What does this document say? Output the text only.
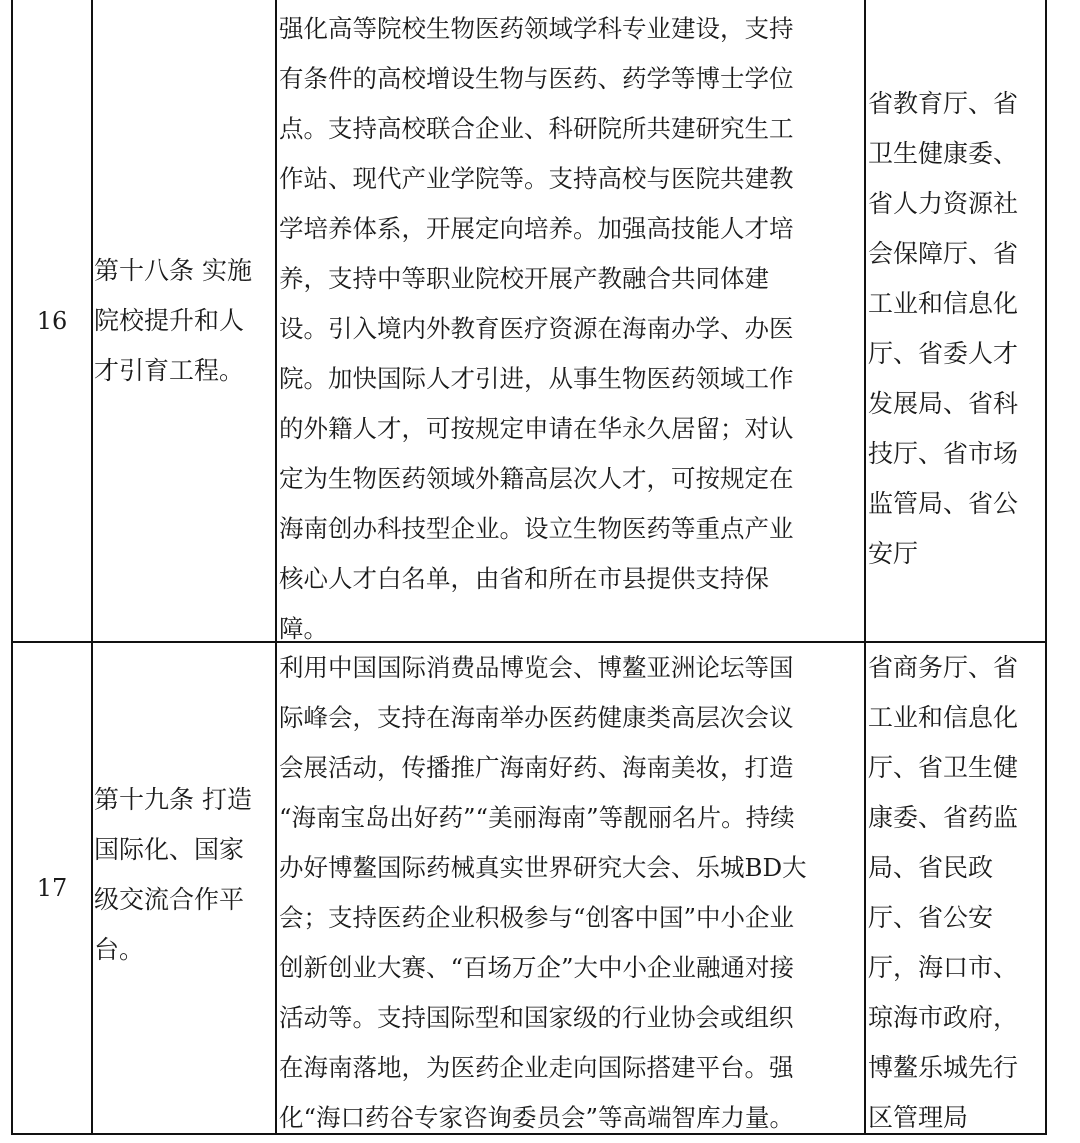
16
第十八条 实施
院校提升和人
才引育工程。
强化高等院校生物医药领域学科专业建设，支持
有条件的高校增设生物与医药、药学等博士学位
点。支持高校联合企业、科研院所共建研究生工
作站、现代产业学院等。支持高校与医院共建教
学培养体系，开展定向培养。加强高技能人才培
养，支持中等职业院校开展产教融合共同体建
设。引入境内外教育医疗资源在海南办学、办医
院。加快国际人才引进，从事生物医药领域工作
的外籍人才，可按规定申请在华永久居留；对认
定为生物医药领域外籍高层次人才，可按规定在
海南创办科技型企业。设立生物医药等重点产业
核心人才白名单，由省和所在市县提供支持保
障。
省教育厅、省
卫生健康委、
省人力资源社
会保障厅、省
工业和信息化
厅、省委人才
发展局、省科
技厅、省市场
监管局、省公
安厅
17
第十九条 打造
国际化、国家
级交流合作平
台。
利用中国国际消费品博览会、博鳌亚洲论坛等国
际峰会，支持在海南举办医药健康类高层次会议
会展活动，传播推广海南好药、海南美妆，打造
“海南宝岛出好药”“美丽海南”等靓丽名片。持续
办好博鳌国际药械真实世界研究大会、乐城BD大
会；支持医药企业积极参与“创客中国”中小企业
创新创业大赛、“百场万企”大中小企业融通对接
活动等。支持国际型和国家级的行业协会或组织
在海南落地，为医药企业走向国际搭建平台。强
化“海口药谷专家咨询委员会”等高端智库力量。
省商务厅、省
工业和信息化
厅、省卫生健
康委、省药监
局、省民政
厅、省公安
厅，海口市、
琼海市政府，
博鳌乐城先行
区管理局
